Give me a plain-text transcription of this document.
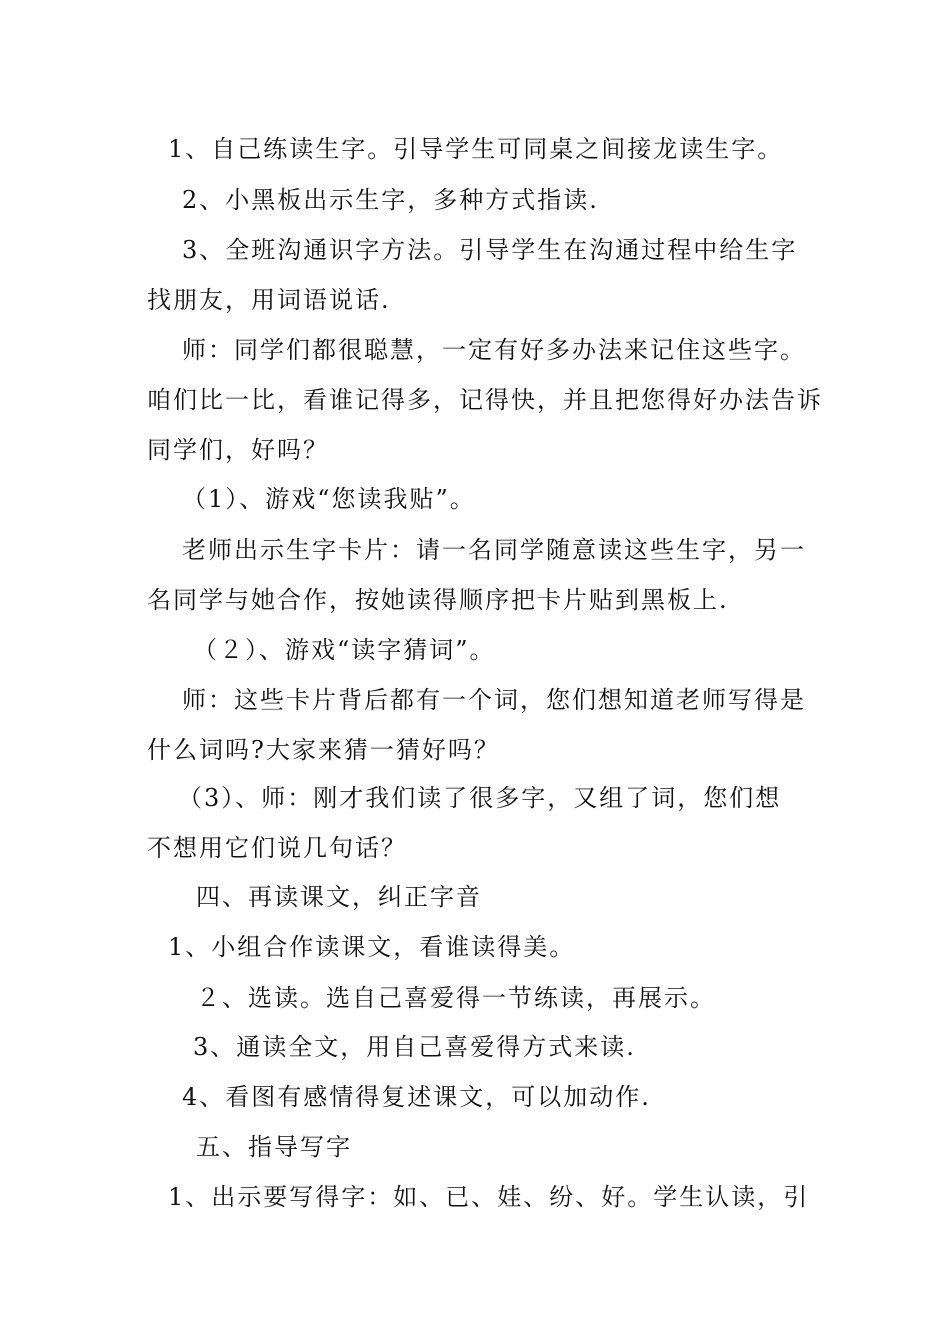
1、自己练读生字。引导学生可同桌之间接龙读生字。
2、小黑板出示生字，多种方式指读.
3、全班沟通识字方法。引导学生在沟通过程中给生字
找朋友，用词语说话.
师：同学们都很聪慧，一定有好多办法来记住这些字。
咱们比一比，看谁记得多，记得快，并且把您得好办法告诉
同学们，好吗？
（1）、游戏“您读我贴”。
老师出示生字卡片：请一名同学随意读这些生字，另一
名同学与她合作，按她读得顺序把卡片贴到黑板上.
（２）、游戏“读字猜词”。
师：这些卡片背后都有一个词，您们想知道老师写得是
什么词吗?大家来猜一猜好吗？
（3）、师：刚才我们读了很多字，又组了词，您们想
不想用它们说几句话？
四、再读课文，纠正字音
1、小组合作读课文，看谁读得美。
２、选读。选自己喜爱得一节练读，再展示。
3、通读全文，用自己喜爱得方式来读.
4、看图有感情得复述课文，可以加动作.
五、指导写字
1、出示要写得字：如、已、娃、纷、好。学生认读，引
